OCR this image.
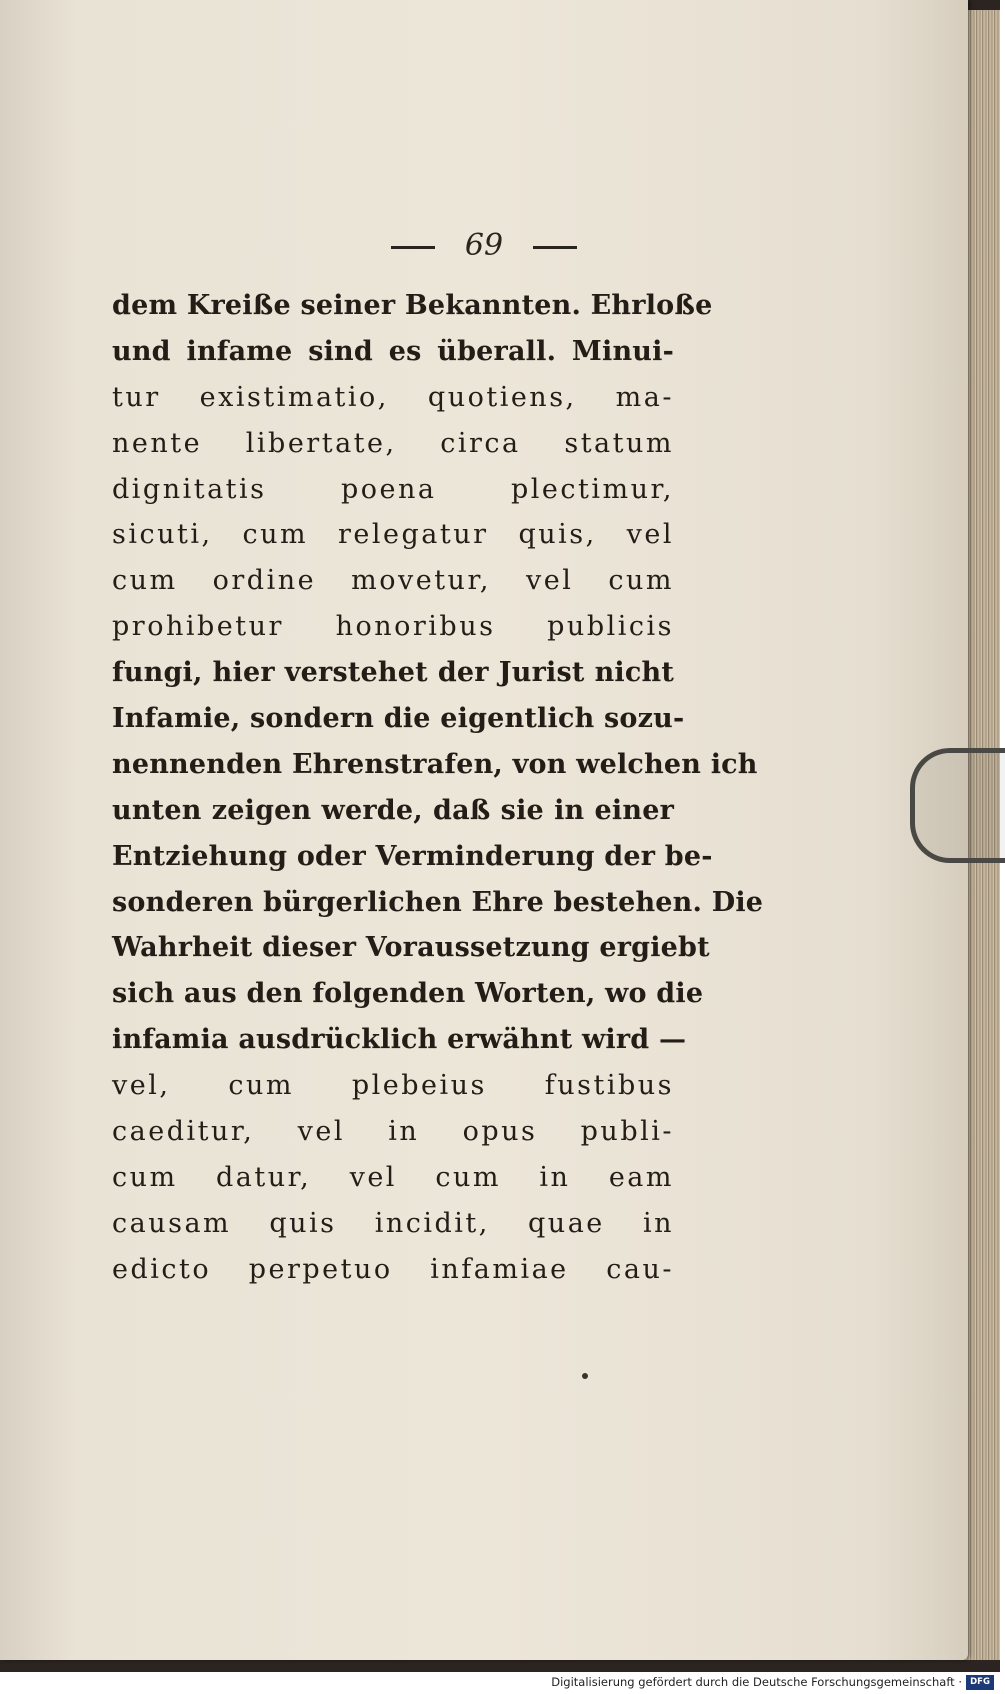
69
dem Kreiße seiner Bekannten. Ehrloße
und infame sind es überall. Minui-
tur existimatio, quotiens, ma-
nente libertate, circa statum
dignitatis poena plectimur,
sicuti, cum relegatur quis, vel
cum ordine movetur, vel cum
prohibetur honoribus publicis
fungi, hier verstehet der Jurist nicht
Infamie, sondern die eigentlich sozu-
nennenden Ehrenstrafen, von welchen ich
unten zeigen werde, daß sie in einer
Entziehung oder Verminderung der be-
sonderen bürgerlichen Ehre bestehen. Die
Wahrheit dieser Voraussetzung ergiebt
sich aus den folgenden Worten, wo die
infamia ausdrücklich erwähnt wird —
vel, cum plebeius fustibus
caeditur, vel in opus publi-
cum datur, vel cum in eam
causam quis incidit, quae in
edicto perpetuo infamiae cau-
Digitalisierung gefördert durch die Deutsche Forschungsgemeinschaft · DFG
